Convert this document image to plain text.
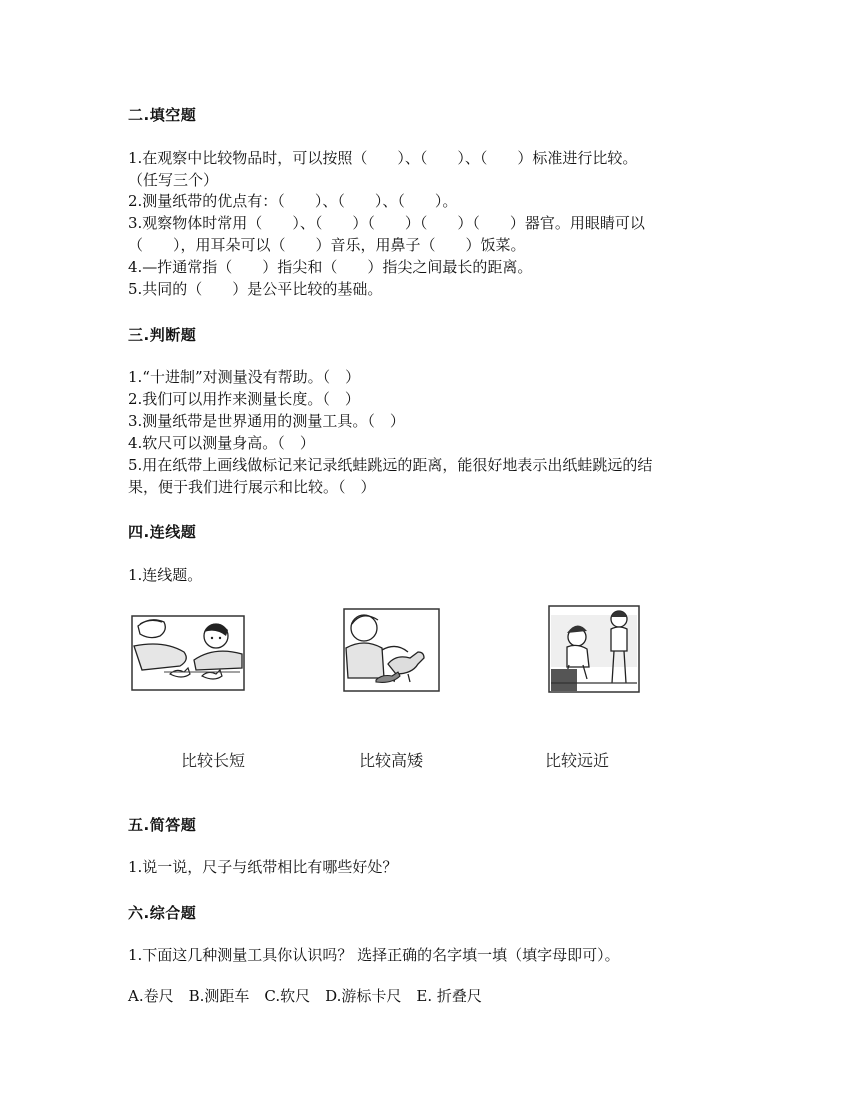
二.填空题
1.在观察中比较物品时，可以按照（　　）、（　　）、（　　）标准进行比较。
（任写三个）
2.测量纸带的优点有：（　　）、（　　）、（　　）。
3.观察物体时常用（　　）、（　　）（　　）（　　）（　　）器官。用眼睛可以
（　　），用耳朵可以（　　）音乐，用鼻子（　　）饭菜。
4.—拃通常指（　　）指尖和（　　）指尖之间最长的距离。
5.共同的（　　）是公平比较的基础。
三.判断题
1.“十进制”对测量没有帮助。（　）
2.我们可以用拃来测量长度。（　）
3.测量纸带是世界通用的测量工具。（　）
4.软尺可以测量身高。（　）
5.用在纸带上画线做标记来记录纸蛙跳远的距离，能很好地表示出纸蛙跳远的结
果，便于我们进行展示和比较。（　）
四.连线题
1.连线题。
比较长短	比较高矮	比较远近
五.简答题
1.说一说，尺子与纸带相比有哪些好处？
六.综合题
1.下面这几种测量工具你认识吗？ 选择正确的名字填一填（填字母即可）。
A.卷尺　B.测距车　C.软尺　D.游标卡尺　E. 折叠尺
